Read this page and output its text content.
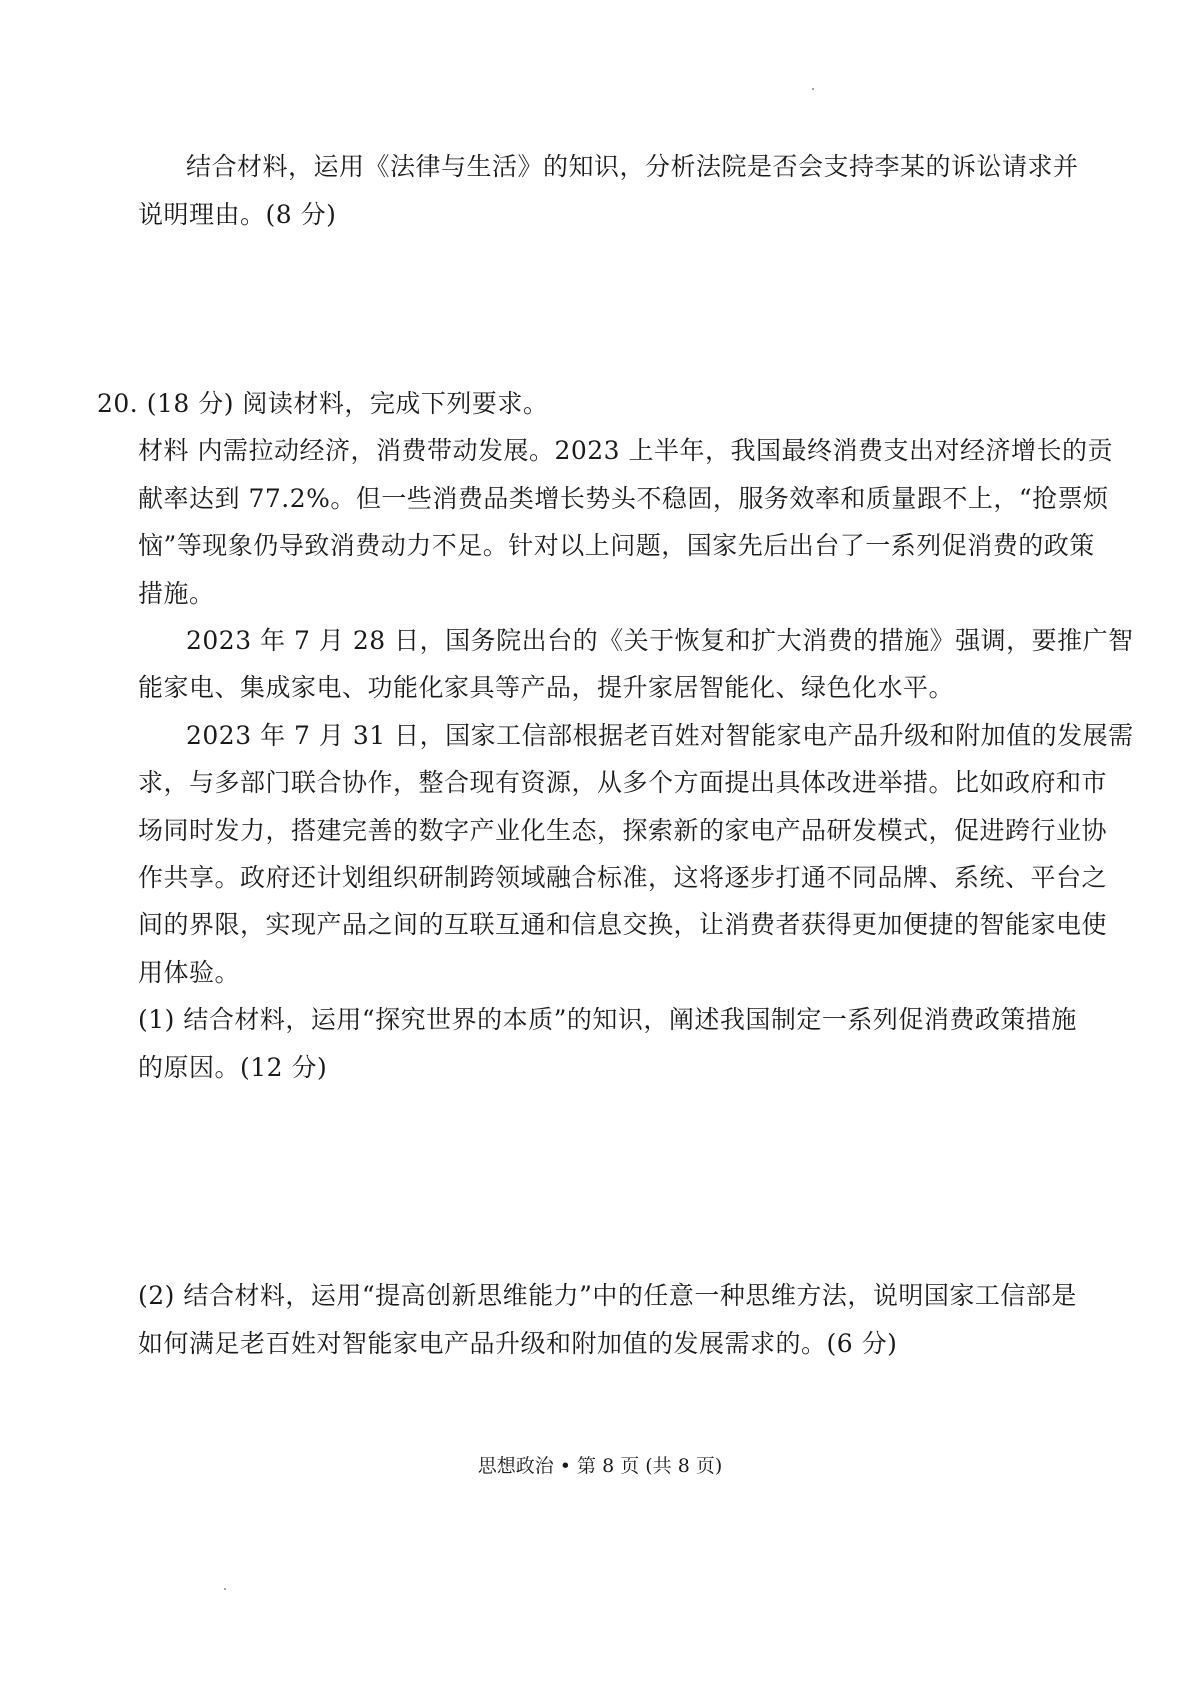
结合材料，运用《法律与生活》的知识，分析法院是否会支持李某的诉讼请求并
说明理由。(8 分)
20. (18 分) 阅读材料，完成下列要求。
材料 内需拉动经济，消费带动发展。2023 上半年，我国最终消费支出对经济增长的贡
献率达到 77.2%。但一些消费品类增长势头不稳固，服务效率和质量跟不上，“抢票烦
恼”等现象仍导致消费动力不足。针对以上问题，国家先后出台了一系列促消费的政策
措施。
2023 年 7 月 28 日，国务院出台的《关于恢复和扩大消费的措施》强调，要推广智
能家电、集成家电、功能化家具等产品，提升家居智能化、绿色化水平。
2023 年 7 月 31 日，国家工信部根据老百姓对智能家电产品升级和附加值的发展需
求，与多部门联合协作，整合现有资源，从多个方面提出具体改进举措。比如政府和市
场同时发力，搭建完善的数字产业化生态，探索新的家电产品研发模式，促进跨行业协
作共享。政府还计划组织研制跨领域融合标准，这将逐步打通不同品牌、系统、平台之
间的界限，实现产品之间的互联互通和信息交换，让消费者获得更加便捷的智能家电使
用体验。
(1) 结合材料，运用“探究世界的本质”的知识，阐述我国制定一系列促消费政策措施
的原因。(12 分)
(2) 结合材料，运用“提高创新思维能力”中的任意一种思维方法，说明国家工信部是
如何满足老百姓对智能家电产品升级和附加值的发展需求的。(6 分)
思想政治 • 第 8 页 (共 8 页)
